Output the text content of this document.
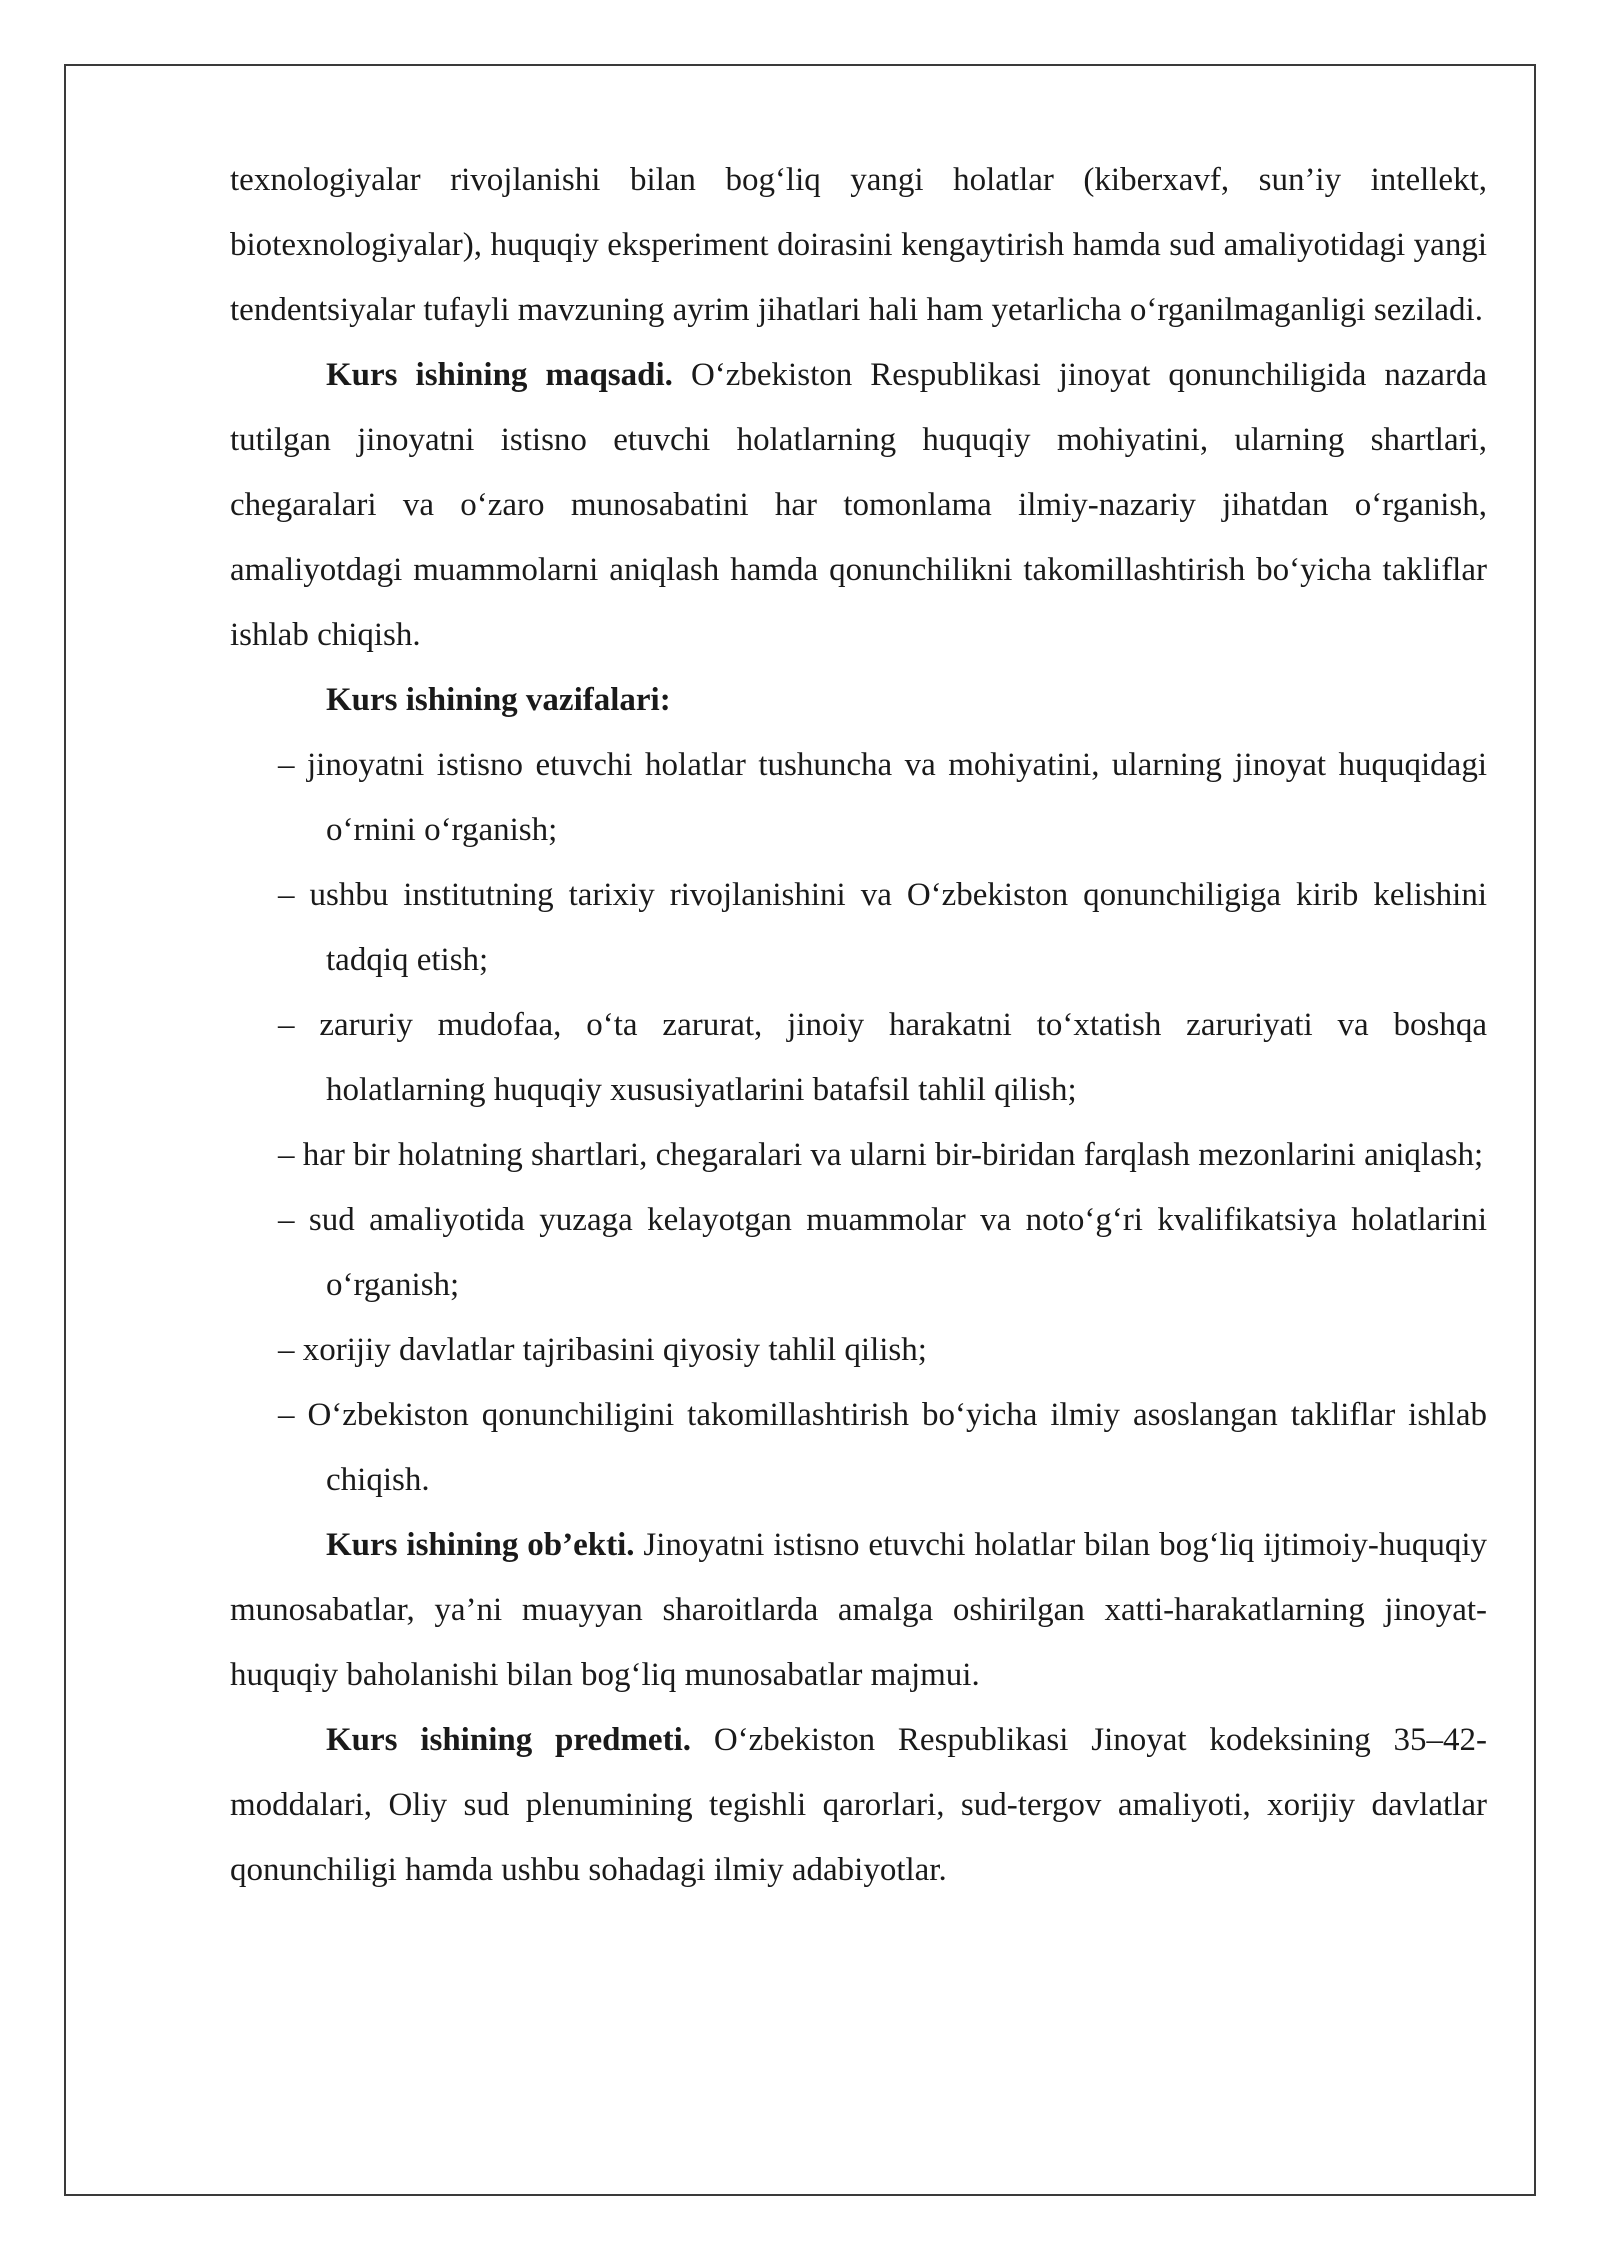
texnologiyalar rivojlanishi bilan bog‘liq yangi holatlar (kiberxavf, sun’iy intellekt, biotexnologiyalar), huquqiy eksperiment doirasini kengaytirish hamda sud amaliyotidagi yangi tendentsiyalar tufayli mavzuning ayrim jihatlari hali ham yetarlicha o‘rganilmaganligi seziladi.

Kurs ishining maqsadi. O‘zbekiston Respublikasi jinoyat qonunchiligida nazarda tutilgan jinoyatni istisno etuvchi holatlarning huquqiy mohiyatini, ularning shartlari, chegaralari va o‘zaro munosabatini har tomonlama ilmiy-nazariy jihatdan o‘rganish, amaliyotdagi muammolarni aniqlash hamda qonunchilikni takomillashtirish bo‘yicha takliflar ishlab chiqish.

Kurs ishining vazifalari:

– jinoyatni istisno etuvchi holatlar tushuncha va mohiyatini, ularning jinoyat huquqidagi o‘rnini o‘rganish;
– ushbu institutning tarixiy rivojlanishini va O‘zbekiston qonunchiligiga kirib kelishini tadqiq etish;
– zaruriy mudofaa, o‘ta zarurat, jinoiy harakatni to‘xtatish zaruriyati va boshqa holatlarning huquqiy xususiyatlarini batafsil tahlil qilish;
– har bir holatning shartlari, chegaralari va ularni bir-biridan farqlash mezonlarini aniqlash;
– sud amaliyotida yuzaga kelayotgan muammolar va noto‘g‘ri kvalifikatsiya holatlarini o‘rganish;
– xorijiy davlatlar tajribasini qiyosiy tahlil qilish;
– O‘zbekiston qonunchiligini takomillashtirish bo‘yicha ilmiy asoslangan takliflar ishlab chiqish.

Kurs ishining ob’ekti. Jinoyatni istisno etuvchi holatlar bilan bog‘liq ijtimoiy-huquqiy munosabatlar, ya’ni muayyan sharoitlarda amalga oshirilgan xatti-harakatlarning jinoyat-huquqiy baholanishi bilan bog‘liq munosabatlar majmui.

Kurs ishining predmeti. O‘zbekiston Respublikasi Jinoyat kodeksining 35–42-moddalari, Oliy sud plenumining tegishli qarorlari, sud-tergov amaliyoti, xorijiy davlatlar qonunchiligi hamda ushbu sohadagi ilmiy adabiyotlar.
